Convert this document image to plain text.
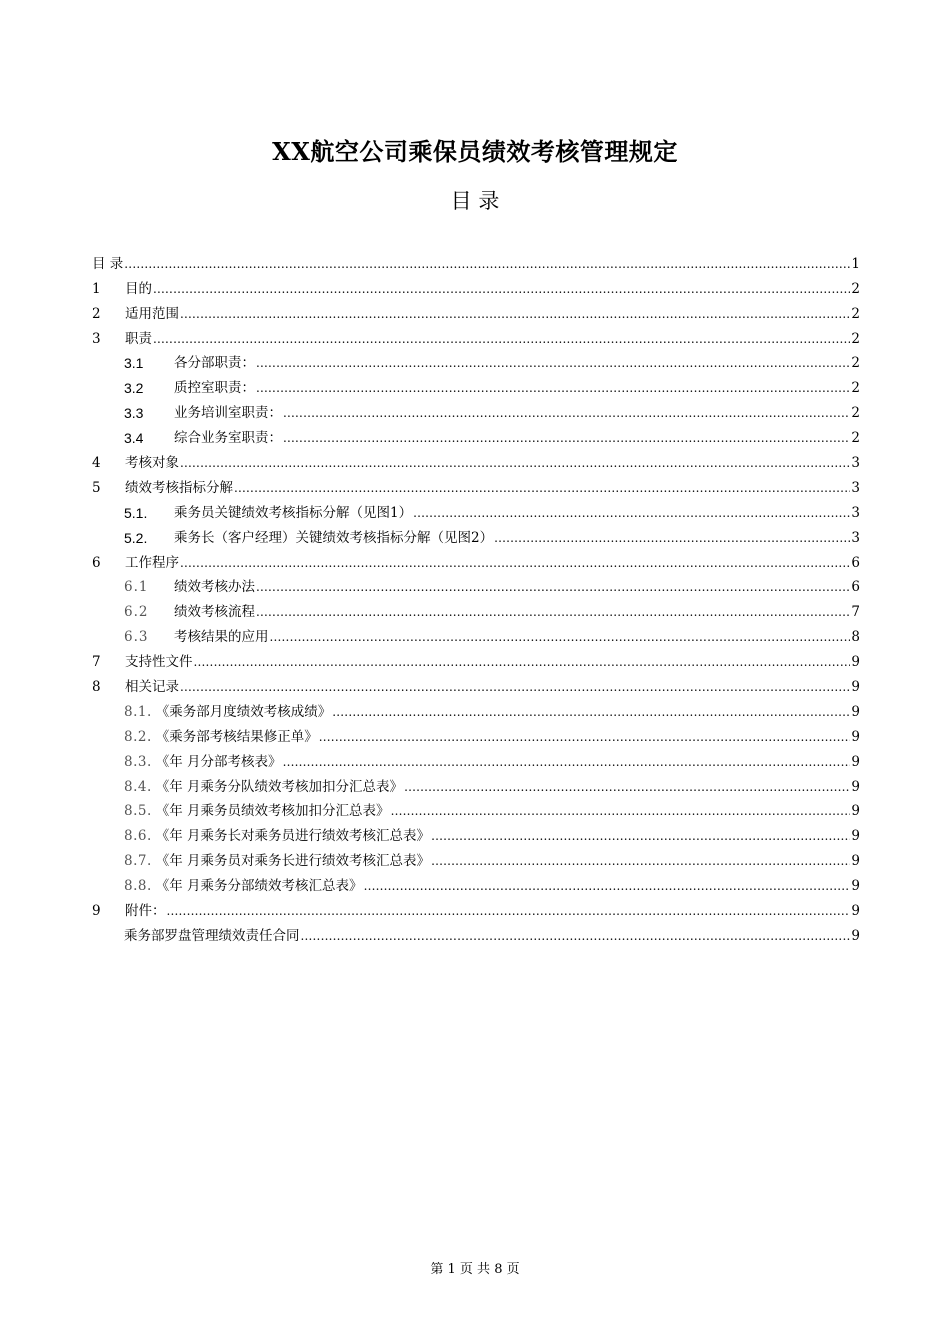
XX航空公司乘保员绩效考核管理规定
目 录
目 录 .....	1
1	目的 .....	2
2	适用范围 .....	2
3	职责 .....	2
3.1	各分部职责： .....	2
3.2	质控室职责： .....	2
3.3	业务培训室职责： .....	2
3.4	综合业务室职责： .....	2
4	考核对象 .....	3
5	绩效考核指标分解 .....	3
5.1.	乘务员关键绩效考核指标分解（见图1） .....	3
5.2.	乘务长（客户经理）关键绩效考核指标分解（见图2） .....	3
6	工作程序 .....	6
6.1	绩效考核办法 .....	6
6.2	绩效考核流程 .....	7
6.3	考核结果的应用 .....	8
7	支持性文件 .....	9
8	相关记录 .....	9
8.1. 《乘务部月度绩效考核成绩》 .....	9
8.2. 《乘务部考核结果修正单》 .....	9
8.3. 《年 月分部考核表》 .....	9
8.4. 《年 月乘务分队绩效考核加扣分汇总表》 .....	9
8.5. 《年 月乘务员绩效考核加扣分汇总表》 .....	9
8.6. 《年 月乘务长对乘务员进行绩效考核汇总表》 .....	9
8.7. 《年 月乘务员对乘务长进行绩效考核汇总表》 .....	9
8.8. 《年 月乘务分部绩效考核汇总表》 .....	9
9	附件： .....	9
乘务部罗盘管理绩效责任合同 .....	9
第 1 页 共 8 页
